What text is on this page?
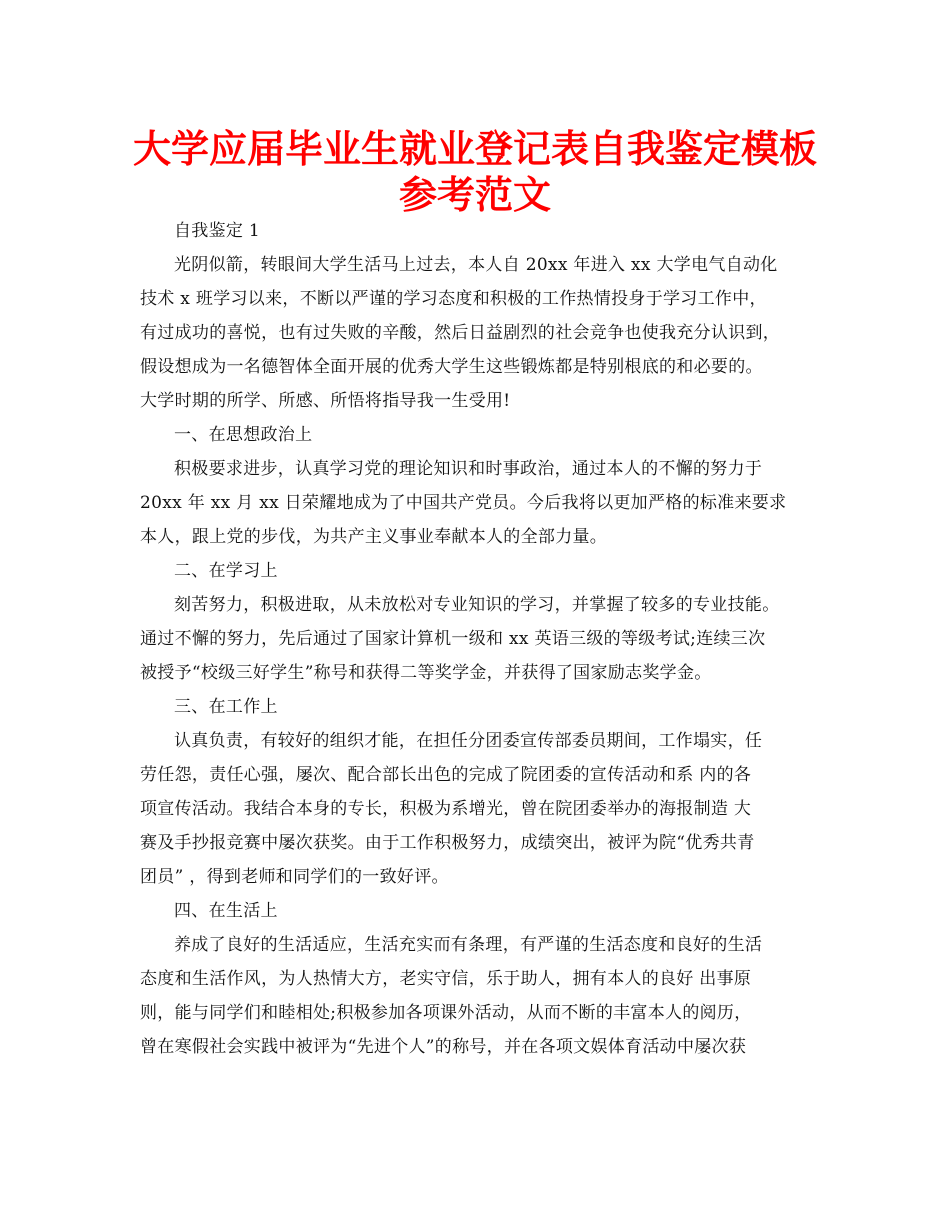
大学应届毕业生就业登记表自我鉴定模板
参考范文
自我鉴定 1
光阴似箭，转眼间大学生活马上过去，本人自 20xx 年进入 xx 大学电气自动化
技术 x 班学习以来，不断以严谨的学习态度和积极的工作热情投身于学习工作中，
有过成功的喜悦，也有过失败的辛酸，然后日益剧烈的社会竞争也使我充分认识到，
假设想成为一名德智体全面开展的优秀大学生这些锻炼都是特别根底的和必要的。
大学时期的所学、所感、所悟将指导我一生受用!
一、在思想政治上
积极要求进步，认真学习党的理论知识和时事政治，通过本人的不懈的努力于
20xx 年 xx 月 xx 日荣耀地成为了中国共产党员。今后我将以更加严格的标准来要求
本人，跟上党的步伐，为共产主义事业奉献本人的全部力量。
二、在学习上
刻苦努力，积极进取，从未放松对专业知识的学习，并掌握了较多的专业技能。
通过不懈的努力，先后通过了国家计算机一级和 xx 英语三级的等级考试;连续三次
被授予“校级三好学生”称号和获得二等奖学金，并获得了国家励志奖学金。
三、在工作上
认真负责，有较好的组织才能，在担任分团委宣传部委员期间，工作塌实，任
劳任怨，责任心强，屡次、配合部长出色的完成了院团委的宣传活动和系 内的各
项宣传活动。我结合本身的专长，积极为系增光，曾在院团委举办的海报制造 大
赛及手抄报竞赛中屡次获奖。由于工作积极努力，成绩突出，被评为院“优秀共青
团员” ，得到老师和同学们的一致好评。
四、在生活上
养成了良好的生活适应，生活充实而有条理，有严谨的生活态度和良好的生活
态度和生活作风，为人热情大方，老实守信，乐于助人，拥有本人的良好 出事原
则，能与同学们和睦相处;积极参加各项课外活动，从而不断的丰富本人的阅历，
曾在寒假社会实践中被评为“先进个人”的称号，并在各项文娱体育活动中屡次获
